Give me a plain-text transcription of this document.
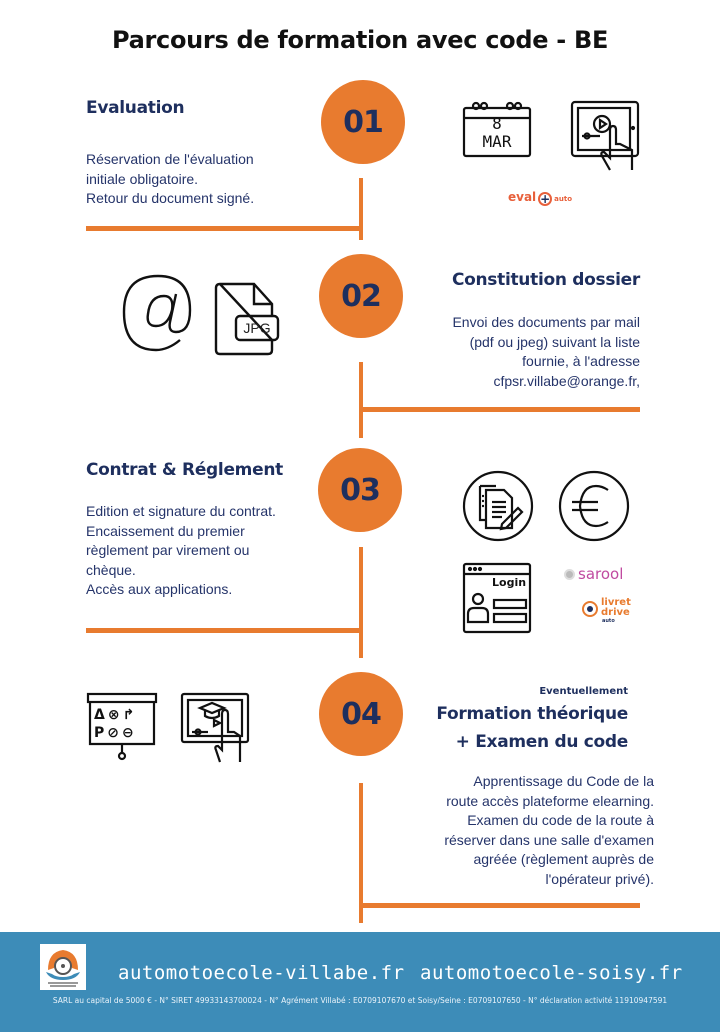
Parcours de formation avec code - BE
Evaluation	01
Réservation de l'évaluation
initiale obligatoire.
Retour du document signé.
8
MAR
eval + auto
JPG
02	Constitution dossier
Envoi des documents par mail
(pdf ou jpeg) suivant la liste
fournie, à l'adresse
cfpsr.villabe@orange.fr,
Contrat & Réglement
03
Edition et signature du contrat.
Encaissement du premier
règlement par virement ou
chèque.
Accès aux applications.	Login	sarool
livret
drive
auto
Δ⊗↱
P⊘⊖
04
Eventuellement
Formation théorique
+ Examen du code
Apprentissage du Code de la
route accès plateforme elearning.
Examen du code de la route à
réserver dans une salle d'examen
agréée (règlement auprès de
l'opérateur privé).
automotoecole-villabe.fr automotoecole-soisy.fr
SARL au capital de 5000 € - N° SIRET 49933143700024 - N° Agrément Villabé : E0709107670 et Soisy/Seine : E0709107650 - N° déclaration activité 11910947591
